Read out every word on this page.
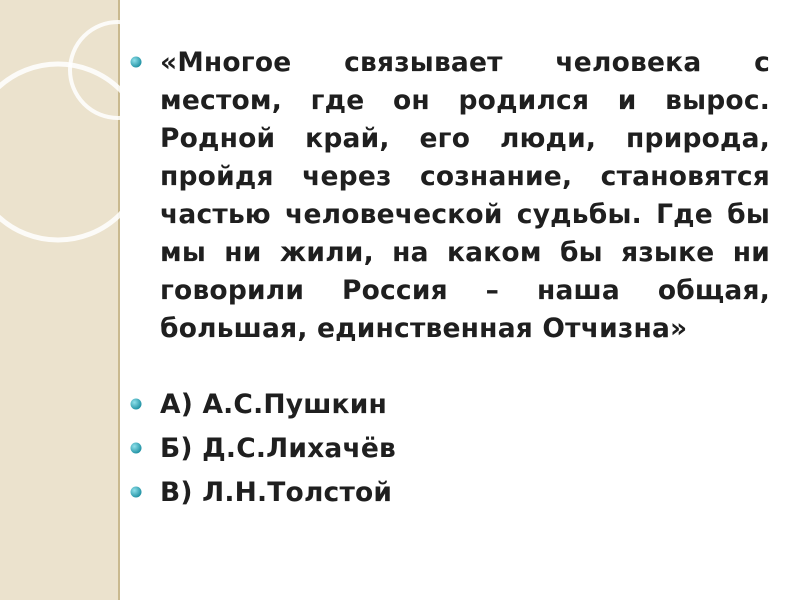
«Многое связывает человека с местом, где он родился и вырос. Родной край, его люди, природа, пройдя через сознание, становятся частью человеческой судьбы. Где бы мы ни жили, на каком бы языке ни говорили Россия – наша общая, большая, единственная Отчизна»
А) А.С.Пушкин
Б) Д.С.Лихачёв
В) Л.Н.Толстой
